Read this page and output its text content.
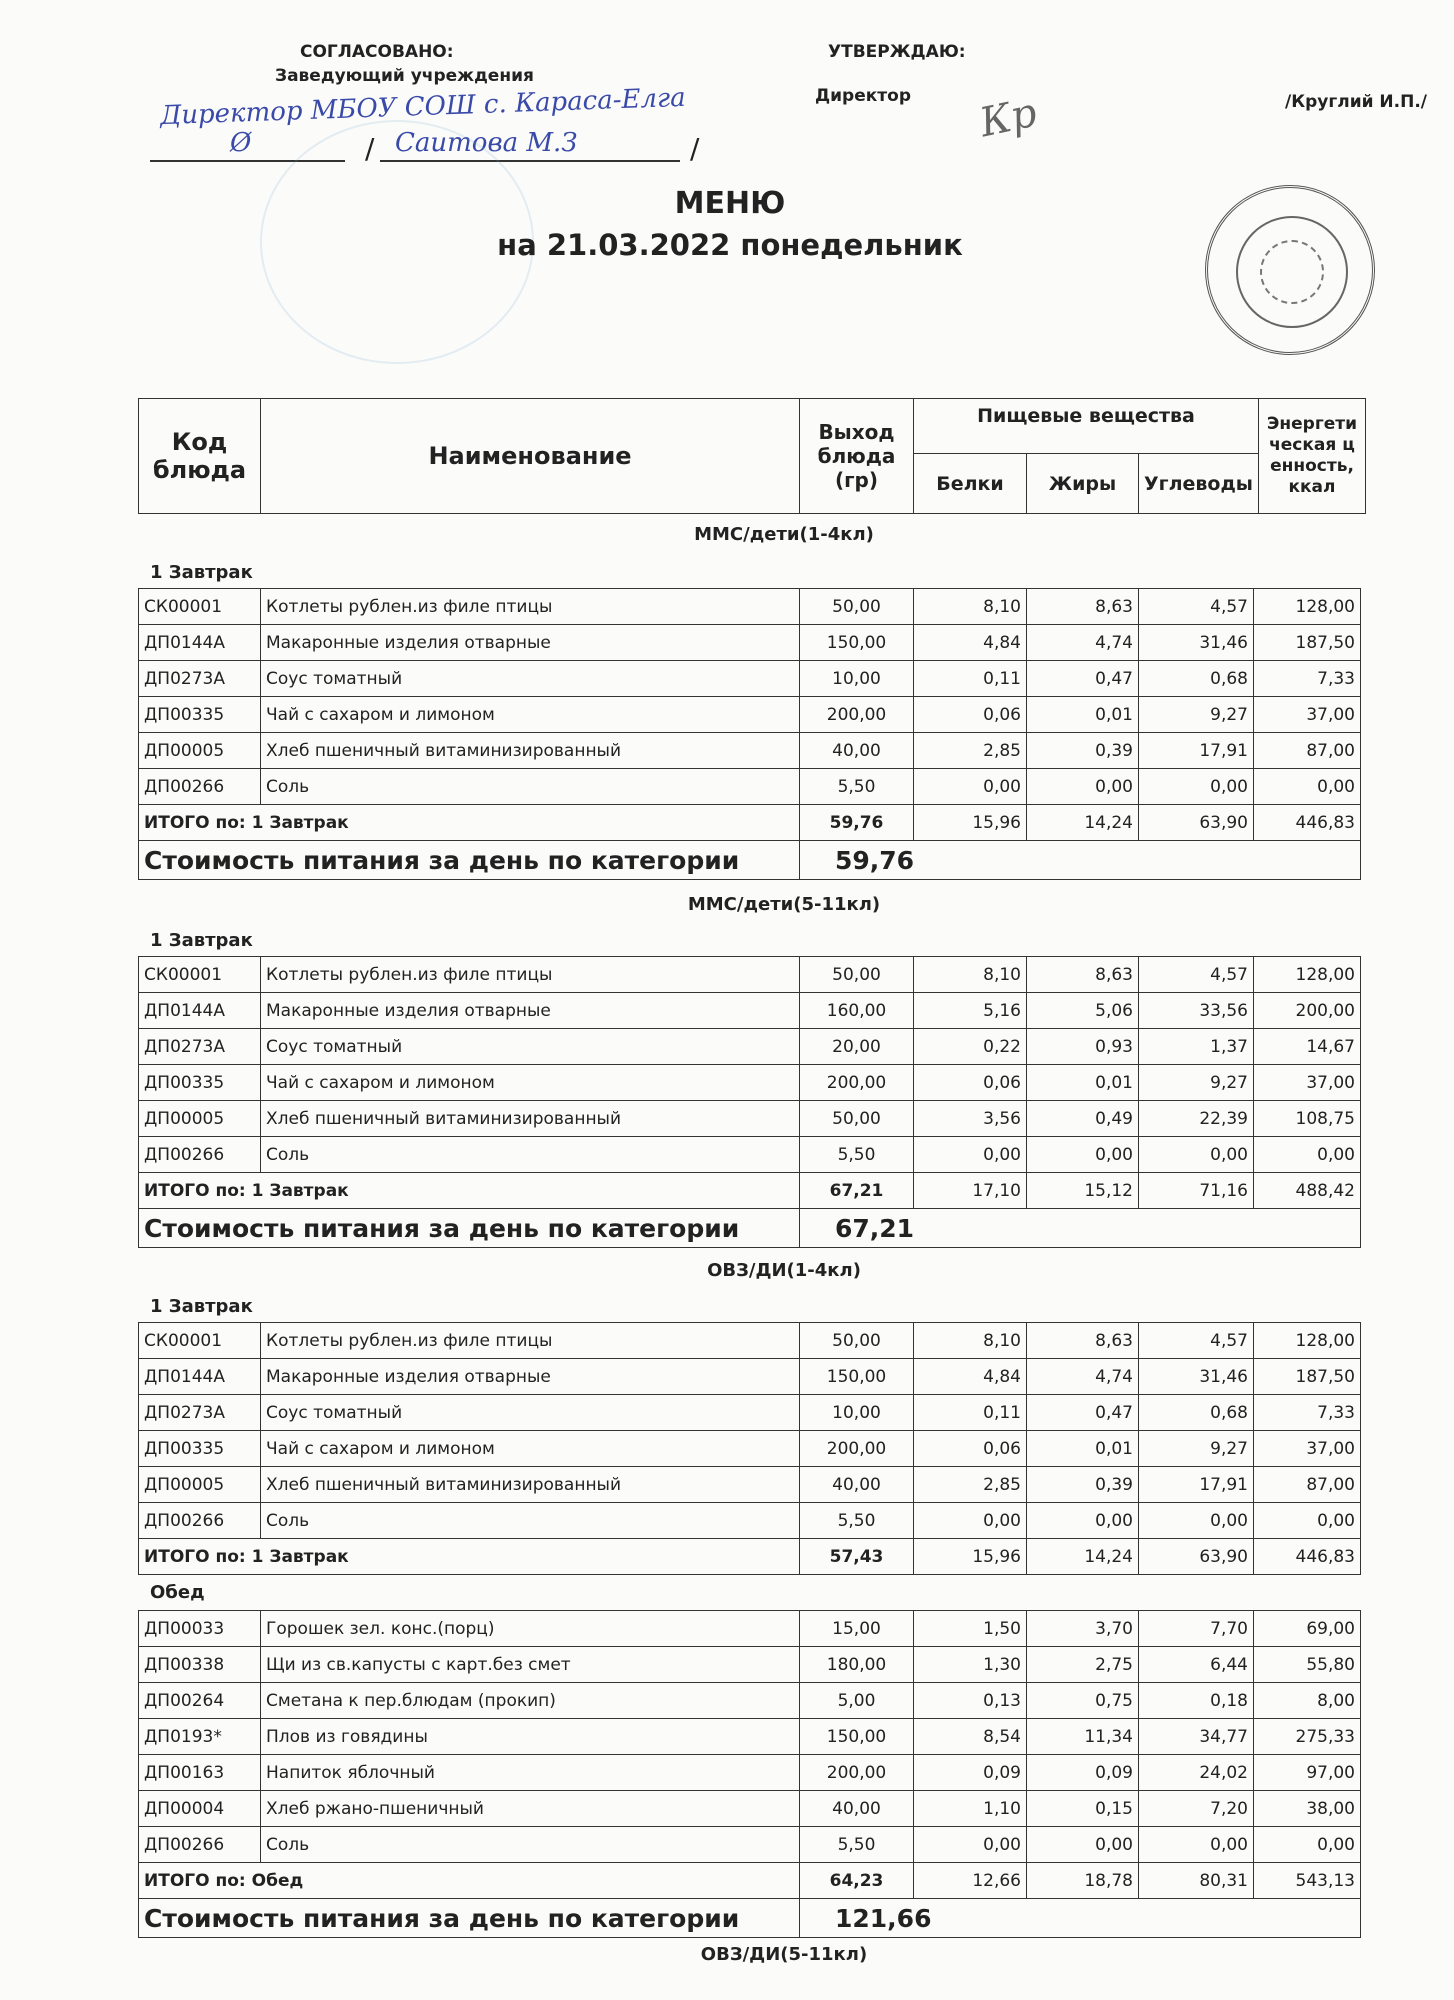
СОГЛАСОВАНО:
Заведующий учреждения
Директор МБОУ СОШ с. Караса-Елга
Ø	/ Саитова М.З	/
УТВЕРЖДАЮ:
Директор Кр	/Круглий И.П./
МЕНЮ
на 21.03.2022 понедельник
Код блюда	Наименование	Выход блюда (гр)	Пищевые вещества			Энергетическая ценность, ккал
			Белки	Жиры	Углеводы	
ММС/дети(1-4кл)
1 Завтрак
СК00001	Котлеты рублен.из филе птицы	50,00	8,10	8,63	4,57	128,00
ДП0144А	Макаронные изделия отварные	150,00	4,84	4,74	31,46	187,50
ДП0273А	Соус томатный	10,00	0,11	0,47	0,68	7,33
ДП00335	Чай с сахаром и лимоном	200,00	0,06	0,01	9,27	37,00
ДП00005	Хлеб пшеничный витаминизированный	40,00	2,85	0,39	17,91	87,00
ДП00266	Соль	5,50	0,00	0,00	0,00	0,00
ИТОГО по: 1 Завтрак		59,76	15,96	14,24	63,90	446,83
Стоимость питания за день по категории		59,76				
ММС/дети(5-11кл)
1 Завтрак
СК00001	Котлеты рублен.из филе птицы	50,00	8,10	8,63	4,57	128,00
ДП0144А	Макаронные изделия отварные	160,00	5,16	5,06	33,56	200,00
ДП0273А	Соус томатный	20,00	0,22	0,93	1,37	14,67
ДП00335	Чай с сахаром и лимоном	200,00	0,06	0,01	9,27	37,00
ДП00005	Хлеб пшеничный витаминизированный	50,00	3,56	0,49	22,39	108,75
ДП00266	Соль	5,50	0,00	0,00	0,00	0,00
ИТОГО по: 1 Завтрак		67,21	17,10	15,12	71,16	488,42
Стоимость питания за день по категории		67,21				
ОВЗ/ДИ(1-4кл)
1 Завтрак
СК00001	Котлеты рублен.из филе птицы	50,00	8,10	8,63	4,57	128,00
ДП0144А	Макаронные изделия отварные	150,00	4,84	4,74	31,46	187,50
ДП0273А	Соус томатный	10,00	0,11	0,47	0,68	7,33
ДП00335	Чай с сахаром и лимоном	200,00	0,06	0,01	9,27	37,00
ДП00005	Хлеб пшеничный витаминизированный	40,00	2,85	0,39	17,91	87,00
ДП00266	Соль	5,50	0,00	0,00	0,00	0,00
ИТОГО по: 1 Завтрак		57,43	15,96	14,24	63,90	446,83
Обед
ДП00033	Горошек зел. конс.(порц)	15,00	1,50	3,70	7,70	69,00
ДП00338	Щи из св.капусты с карт.без смет	180,00	1,30	2,75	6,44	55,80
ДП00264	Сметана к пер.блюдам (прокип)	5,00	0,13	0,75	0,18	8,00
ДП0193*	Плов из говядины	150,00	8,54	11,34	34,77	275,33
ДП00163	Напиток яблочный	200,00	0,09	0,09	24,02	97,00
ДП00004	Хлеб ржано-пшеничный	40,00	1,10	0,15	7,20	38,00
ДП00266	Соль	5,50	0,00	0,00	0,00	0,00
ИТОГО по: Обед		64,23	12,66	18,78	80,31	543,13
Стоимость питания за день по категории		121,66				
ОВЗ/ДИ(5-11кл)
